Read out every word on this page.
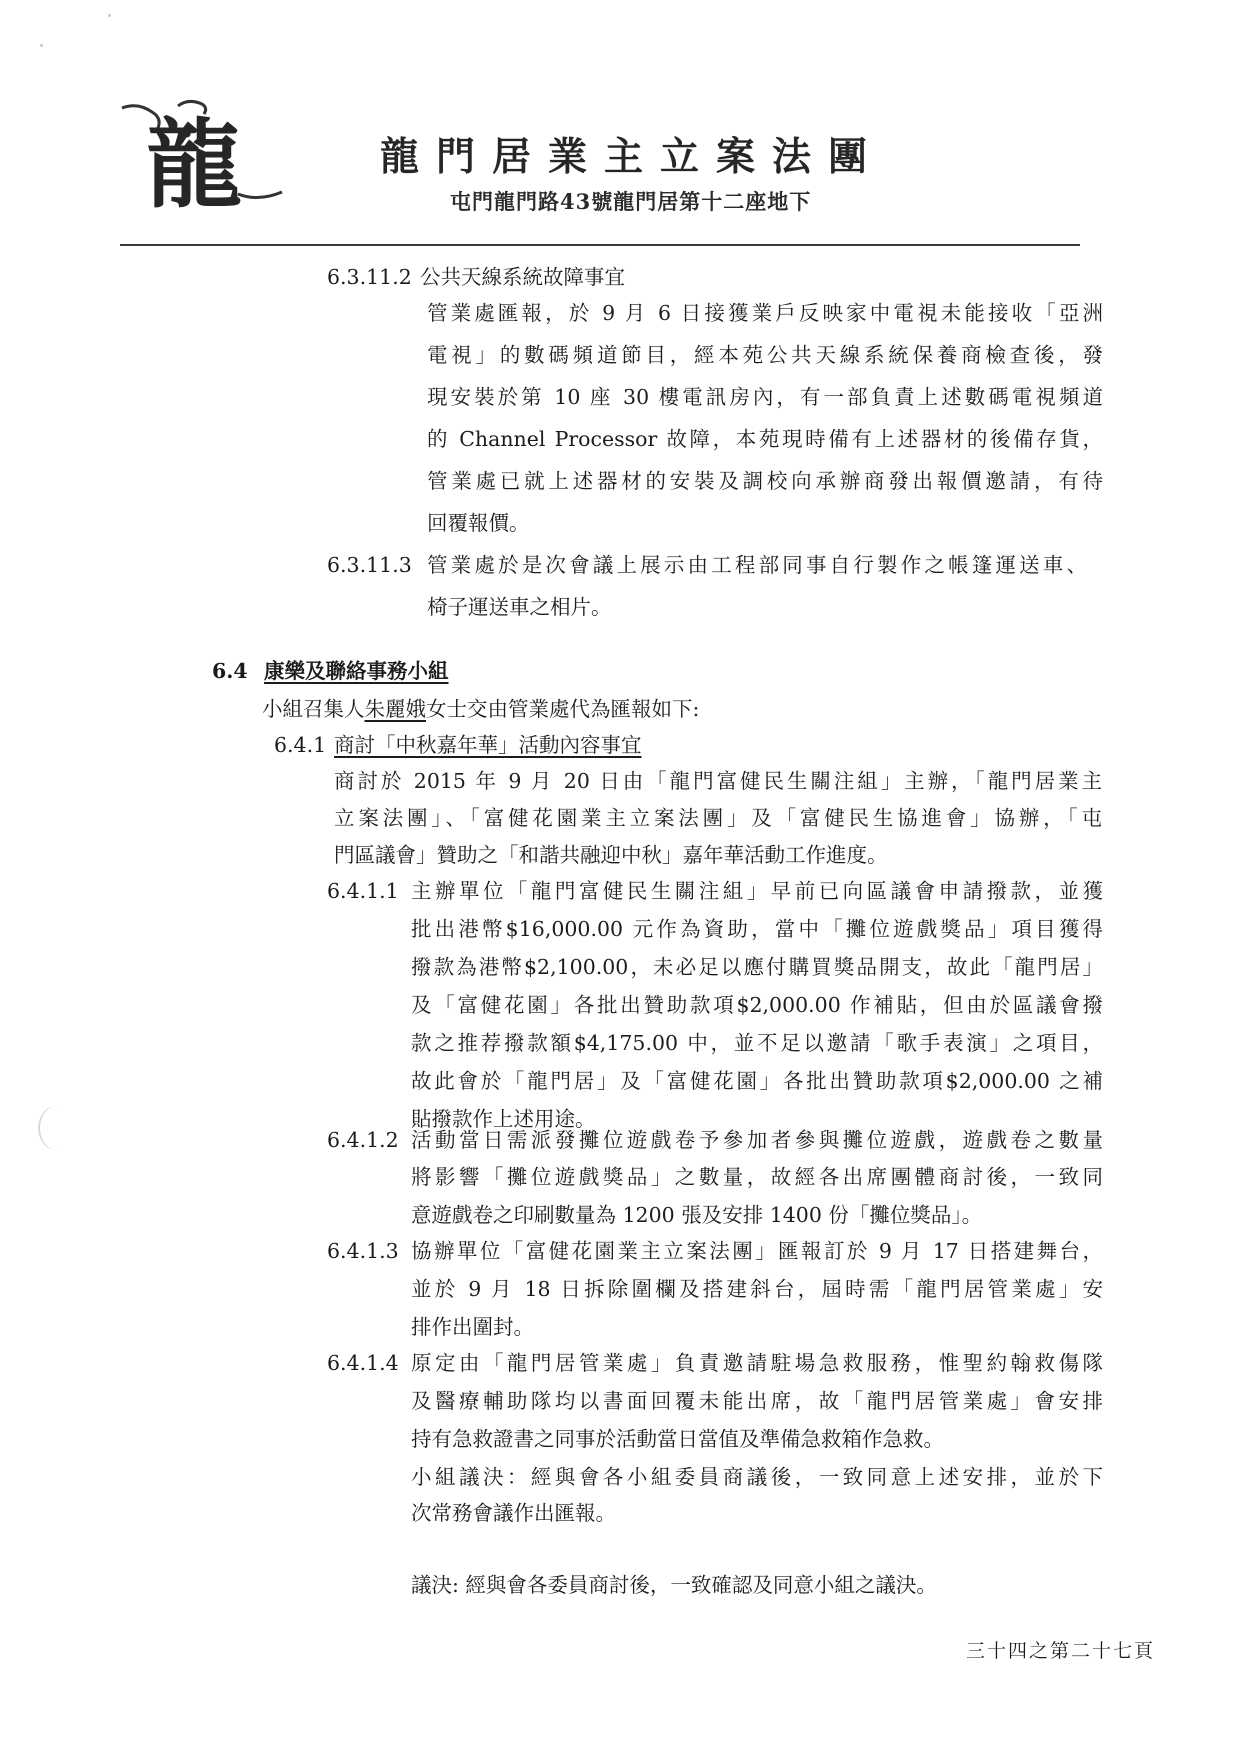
龍	龍門居業主立案法團
屯門龍門路43號龍門居第十二座地下
6.3.11.2 公共天線系統故障事宜
管業處匯報，於 9 月 6 日接獲業戶反映家中電視未能接收「亞洲
電視」的數碼頻道節目，經本苑公共天線系統保養商檢查後，發
現安裝於第 10 座 30 樓電訊房內，有一部負責上述數碼電視頻道
的 Channel Processor 故障，本苑現時備有上述器材的後備存貨，
管業處已就上述器材的安裝及調校向承辦商發出報價邀請，有待
回覆報價。
6.3.11.3 管業處於是次會議上展示由工程部同事自行製作之帳篷運送車、
椅子運送車之相片。
6.4 康樂及聯絡事務小組
小組召集人朱麗娥女士交由管業處代為匯報如下:
6.4.1 商討「中秋嘉年華」活動內容事宜
商討於 2015 年 9 月 20 日由「龍門富健民生關注組」主辦，「龍門居業主
立案法團」、「富健花園業主立案法團」及「富健民生協進會」協辦，「屯
門區議會」贊助之「和諧共融迎中秋」嘉年華活動工作進度。
6.4.1.1 主辦單位「龍門富健民生關注組」早前已向區議會申請撥款，並獲
批出港幣$16,000.00 元作為資助，當中「攤位遊戲獎品」項目獲得
撥款為港幣$2,100.00，未必足以應付購買獎品開支，故此「龍門居」
及「富健花園」各批出贊助款項$2,000.00 作補貼，但由於區議會撥
款之推荐撥款額$4,175.00 中，並不足以邀請「歌手表演」之項目，
故此會於「龍門居」及「富健花園」各批出贊助款項$2,000.00 之補
貼撥款作上述用途。
6.4.1.2 活動當日需派發攤位遊戲卷予參加者參與攤位遊戲，遊戲卷之數量
將影響「攤位遊戲獎品」之數量，故經各出席團體商討後，一致同
意遊戲卷之印刷數量為 1200 張及安排 1400 份「攤位獎品」。
6.4.1.3 協辦單位「富健花園業主立案法團」匯報訂於 9 月 17 日搭建舞台，
並於 9 月 18 日拆除圍欄及搭建斜台，屆時需「龍門居管業處」安
排作出圍封。
6.4.1.4 原定由「龍門居管業處」負責邀請駐場急救服務，惟聖約翰救傷隊
及醫療輔助隊均以書面回覆未能出席，故「龍門居管業處」會安排
持有急救證書之同事於活動當日當值及準備急救箱作急救。
小組議決：經與會各小組委員商議後，一致同意上述安排，並於下
次常務會議作出匯報。
議決: 經與會各委員商討後，一致確認及同意小組之議決。
三十四之第二十七頁
